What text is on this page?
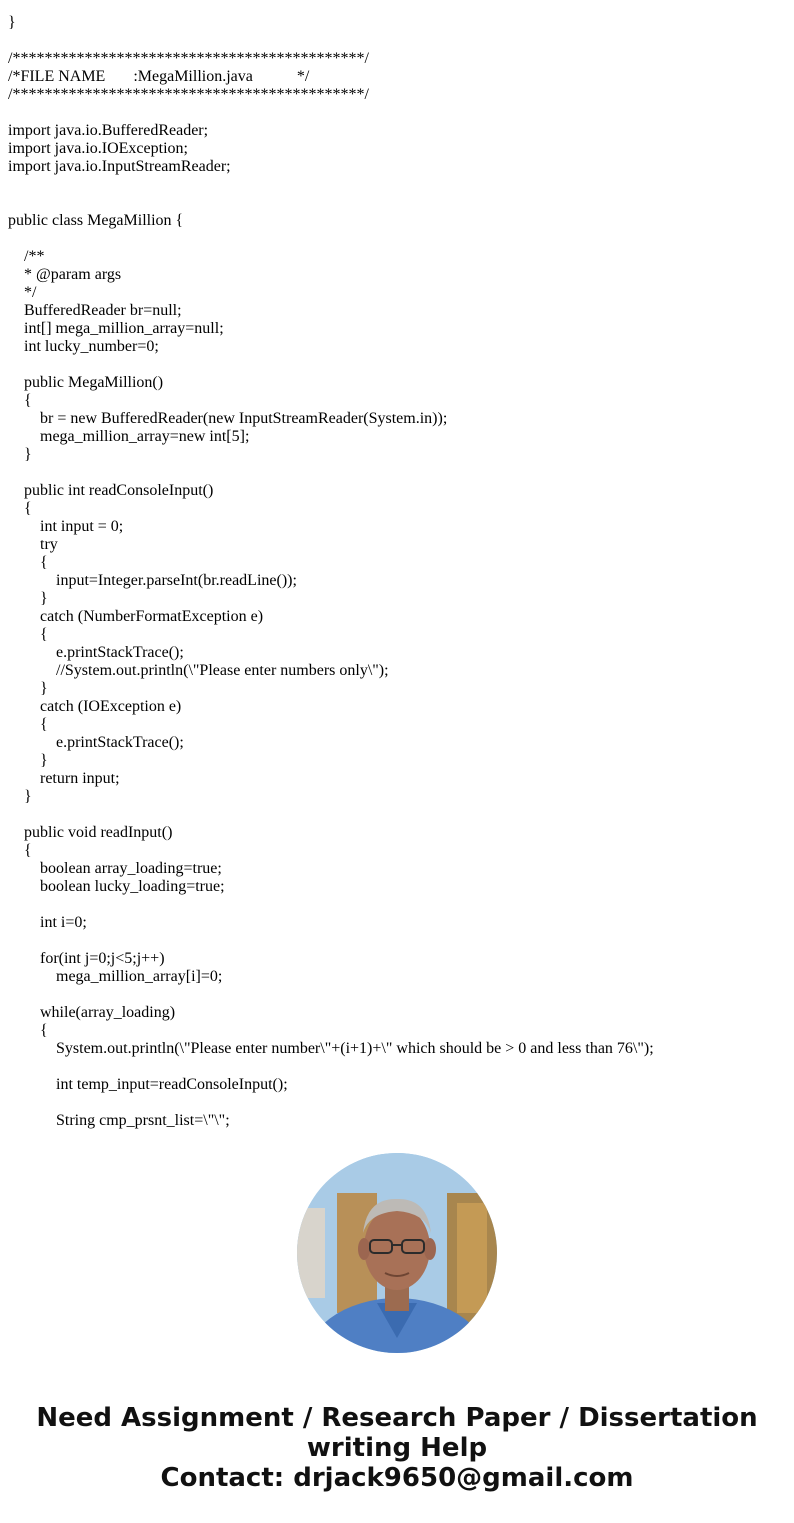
}
/********************************************/
/*FILE NAME       :MegaMillion.java           */
/********************************************/
import java.io.BufferedReader;
import java.io.IOException;
import java.io.InputStreamReader;
public class MegaMillion {
/**
* @param args
*/
BufferedReader br=null;
int[] mega_million_array=null;
int lucky_number=0;
public MegaMillion()
{
br = new BufferedReader(new InputStreamReader(System.in));
mega_million_array=new int[5];
}
public int readConsoleInput()
{
int input = 0;
try
{
input=Integer.parseInt(br.readLine());
}
catch (NumberFormatException e)
{
e.printStackTrace();
//System.out.println(\"Please enter numbers only\");
}
catch (IOException e)
{
e.printStackTrace();
}
return input;
}
public void readInput()
{
boolean array_loading=true;
boolean lucky_loading=true;
int i=0;
for(int j=0;j<5;j++)
mega_million_array[i]=0;
while(array_loading)
{
System.out.println(\"Please enter number\"+(i+1)+\" which should be > 0 and less than 76\");
int temp_input=readConsoleInput();
String cmp_prsnt_list=\"\";
Need Assignment / Research Paper / Dissertation
writing Help
Contact: drjack9650@gmail.com
